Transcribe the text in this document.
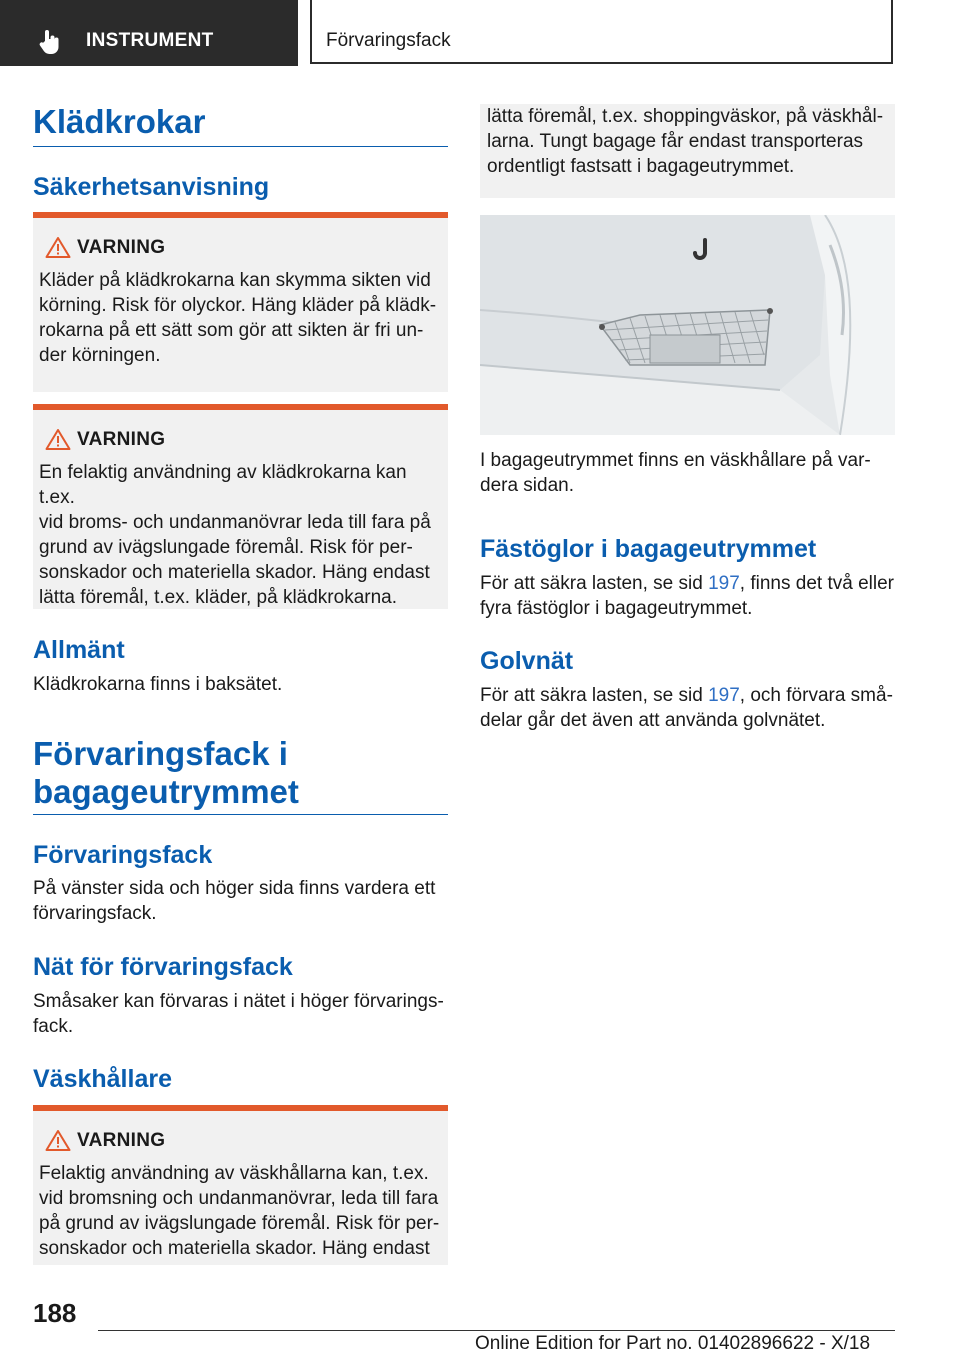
INSTRUMENT	Förvaringsfack
Klädkrokar
Säkerhetsanvisning
VARNING
Kläder på klädkrokarna kan skymma sikten vid
körning. Risk för olyckor. Häng kläder på klädk-
rokarna på ett sätt som gör att sikten är fri un-
der körningen.
VARNING
En felaktig användning av klädkrokarna kan t.ex.
vid broms- och undanmanövrar leda till fara på
grund av ivägslungade föremål. Risk för per-
sonskador och materiella skador. Häng endast
lätta föremål, t.ex. kläder, på klädkrokarna.
Allmänt

Klädkrokarna finns i baksätet.

Förvaringsfack i
bagageutrymmet
Förvaringsfack
På vänster sida och höger sida finns vardera ett
förvaringsfack.
Nät för förvaringsfack
Småsaker kan förvaras i nätet i höger förvarings-
fack.
Väskhållare
VARNING
Felaktig användning av väskhållarna kan, t.ex.
vid bromsning och undanmanövrar, leda till fara
på grund av ivägslungade föremål. Risk för per-
sonskador och materiella skador. Häng endast
lätta föremål, t.ex. shoppingväskor, på väskhål-
larna. Tungt bagage får endast transporteras
ordentligt fastsatt i bagageutrymmet.
I bagageutrymmet finns en väskhållare på var-
dera sidan.
Fästöglor i bagageutrymmet
För att säkra lasten, se sid 197, finns det två eller
fyra fästöglor i bagageutrymmet.
Golvnät
För att säkra lasten, se sid 197, och förvara små-
delar går det även att använda golvnätet.
188
Online Edition for Part no. 01402896622 - X/18
